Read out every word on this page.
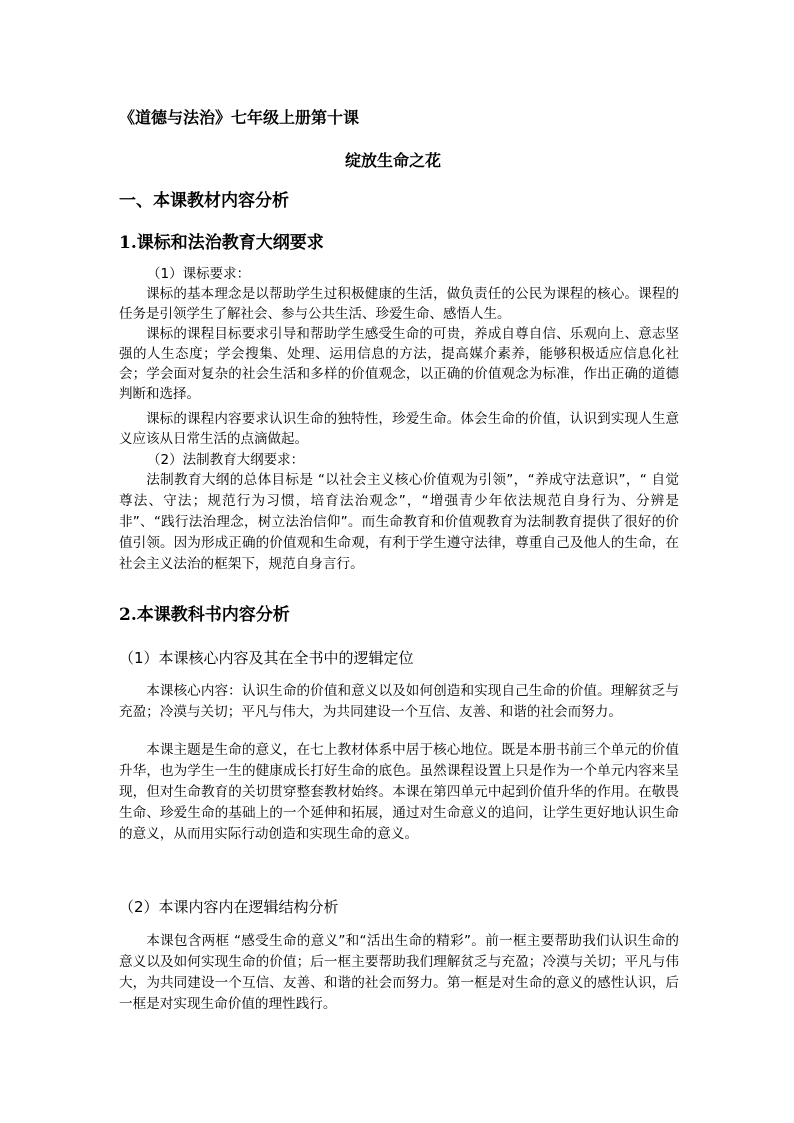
《道德与法治》七年级上册第十课

绽放生命之花

一、本课教材内容分析

1.课标和法治教育大纲要求

（1）课标要求：

课标的基本理念是以帮助学生过积极健康的生活，做负责任的公民为课程的核心。课程的任务是引领学生了解社会、参与公共生活、珍爱生命、感悟人生。

课标的课程目标要求引导和帮助学生感受生命的可贵，养成自尊自信、乐观向上、意志坚强的人生态度；学会搜集、处理、运用信息的方法，提高媒介素养，能够积极适应信息化社会；学会面对复杂的社会生活和多样的价值观念，以正确的价值观念为标准，作出正确的道德判断和选择。

课标的课程内容要求认识生命的独特性，珍爱生命。体会生命的价值，认识到实现人生意义应该从日常生活的点滴做起。

（2）法制教育大纲要求：

法制教育大纲的总体目标是 “以社会主义核心价值观为引领”，“养成守法意识”，“ 自觉尊法、守法；规范行为习惯，培育法治观念”，“增强青少年依法规范自身行为、分辨是非”、“践行法治理念，树立法治信仰”。而生命教育和价值观教育为法制教育提供了很好的价值引领。因为形成正确的价值观和生命观，有利于学生遵守法律，尊重自己及他人的生命，在社会主义法治的框架下，规范自身言行。

2.本课教科书内容分析

（1）本课核心内容及其在全书中的逻辑定位

本课核心内容：认识生命的价值和意义以及如何创造和实现自己生命的价值。理解贫乏与充盈；冷漠与关切；平凡与伟大，为共同建设一个互信、友善、和谐的社会而努力。

本课主题是生命的意义，在七上教材体系中居于核心地位。既是本册书前三个单元的价值升华，也为学生一生的健康成长打好生命的底色。虽然课程设置上只是作为一个单元内容来呈现，但对生命教育的关切贯穿整套教材始终。本课在第四单元中起到价值升华的作用。在敬畏生命、珍爱生命的基础上的一个延伸和拓展，通过对生命意义的追问，让学生更好地认识生命的意义，从而用实际行动创造和实现生命的意义。

（2）本课内容内在逻辑结构分析

本课包含两框 “感受生命的意义”和“活出生命的精彩”。前一框主要帮助我们认识生命的意义以及如何实现生命的价值；后一框主要帮助我们理解贫乏与充盈；冷漠与关切；平凡与伟大，为共同建设一个互信、友善、和谐的社会而努力。第一框是对生命的意义的感性认识，后一框是对实现生命价值的理性践行。
